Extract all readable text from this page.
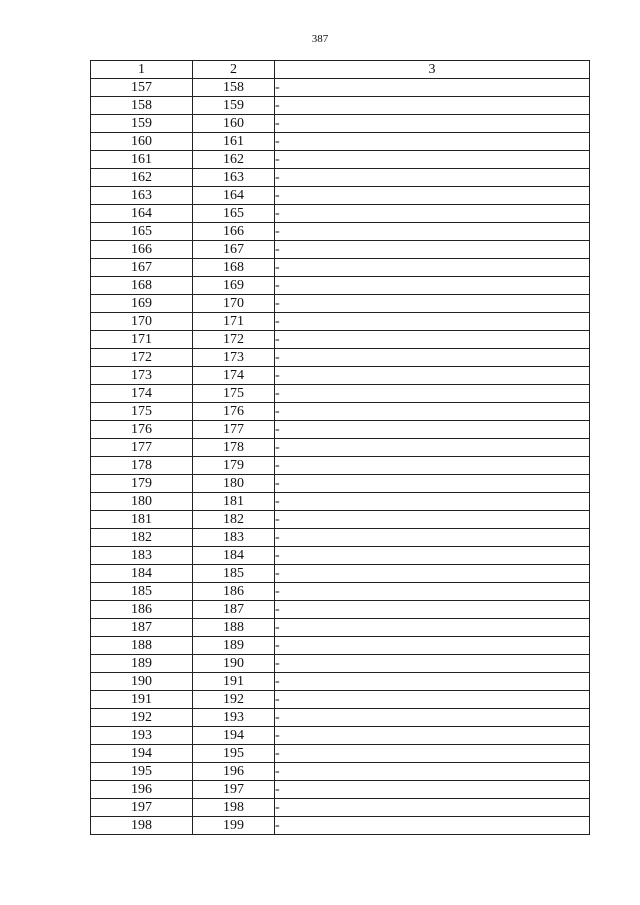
387
1	2	3
157	158	-
158	159	-
159	160	-
160	161	-
161	162	-
162	163	-
163	164	-
164	165	-
165	166	-
166	167	-
167	168	-
168	169	-
169	170	-
170	171	-
171	172	-
172	173	-
173	174	-
174	175	-
175	176	-
176	177	-
177	178	-
178	179	-
179	180	-
180	181	-
181	182	-
182	183	-
183	184	-
184	185	-
185	186	-
186	187	-
187	188	-
188	189	-
189	190	-
190	191	-
191	192	-
192	193	-
193	194	-
194	195	-
195	196	-
196	197	-
197	198	-
198	199	-
